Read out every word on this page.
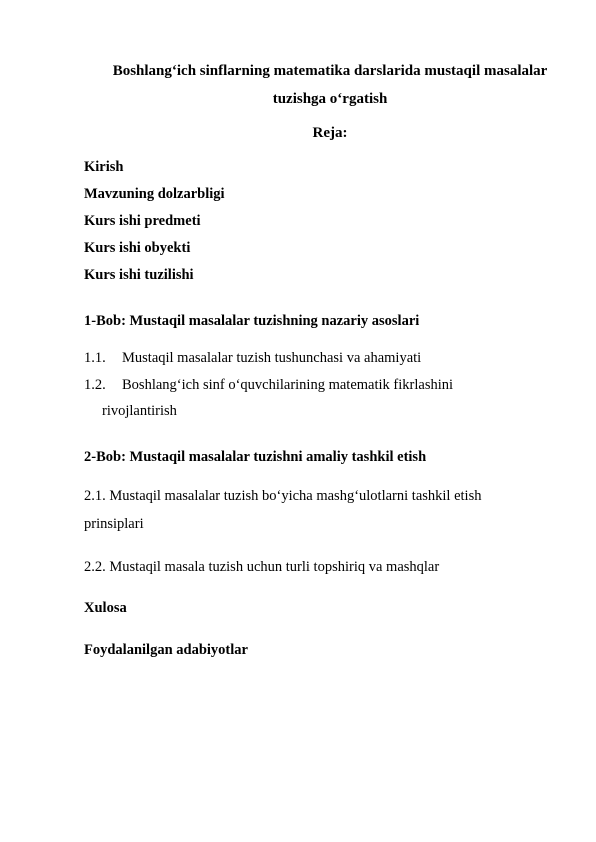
Boshlang‘ich sinflarning matematika darslarida mustaqil masalalar
tuzishga o‘rgatish
Reja:
Kirish
Mavzuning dolzarbligi
Kurs ishi predmeti
Kurs ishi obyekti
Kurs ishi tuzilishi
1-Bob: Mustaqil masalalar tuzishning nazariy asoslari
1.1. Mustaqil masalalar tuzish tushunchasi va ahamiyati
1.2. Boshlang‘ich sinf o‘quvchilarining matematik fikrlashini
rivojlantirish
2-Bob: Mustaqil masalalar tuzishni amaliy tashkil etish
2.1. Mustaqil masalalar tuzish bo‘yicha mashg‘ulotlarni tashkil etish
prinsiplari
2.2. Mustaqil masala tuzish uchun turli topshiriq va mashqlar
Xulosa
Foydalanilgan adabiyotlar
